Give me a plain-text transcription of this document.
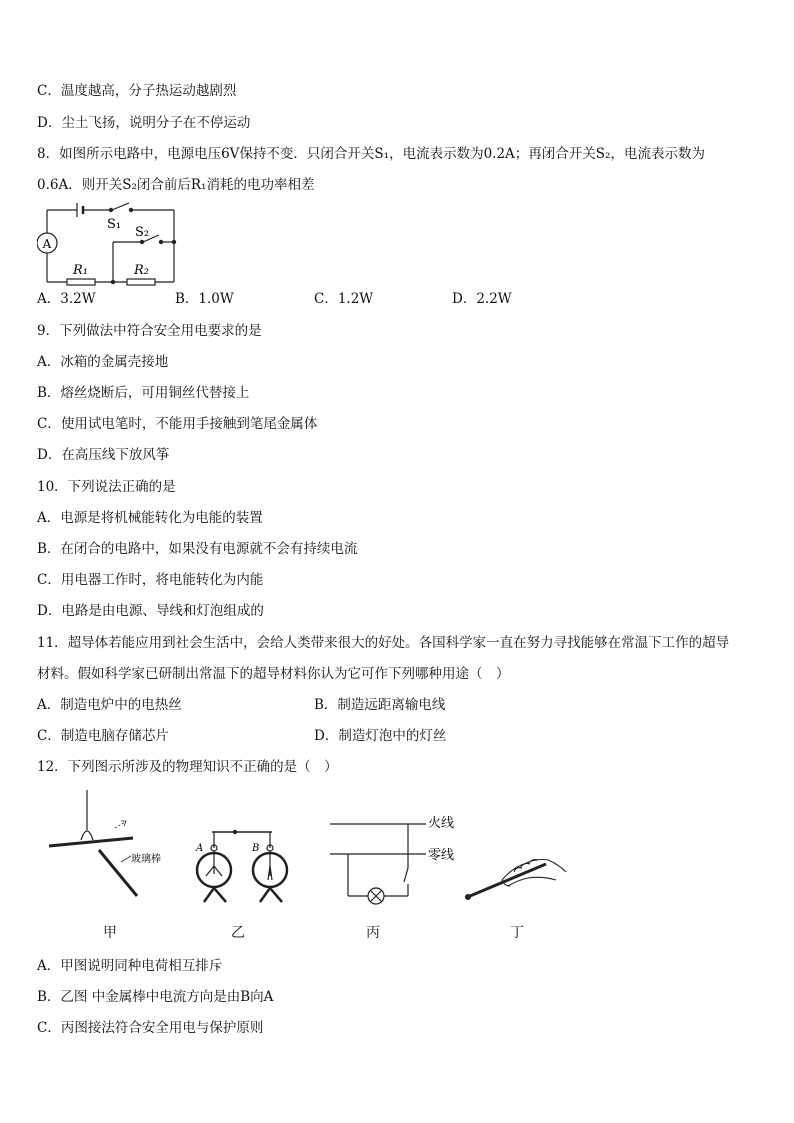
C．温度越高，分子热运动越剧烈
D．尘土飞扬，说明分子在不停运动
8．如图所示电路中，电源电压6V保持不变．只闭合开关S₁，电流表示数为0.2A；再闭合开关S₂，电流表示数为
0.6A．则开关S₂闭合前后R₁消耗的电功率相差
A
S₁
S₂
R₁	R₂
A．3.2W	B．1.0W	C．1.2W	D．2.2W
9．下列做法中符合安全用电要求的是
A．冰箱的金属壳接地
B．熔丝烧断后，可用铜丝代替接上
C．使用试电笔时，不能用手接触到笔尾金属体
D．在高压线下放风筝
10．下列说法正确的是
A．电源是将机械能转化为电能的装置
B．在闭合的电路中，如果没有电源就不会有持续电流
C．用电器工作时，将电能转化为内能
D．电路是由电源、导线和灯泡组成的
11．超导体若能应用到社会生活中，会给人类带来很大的好处。各国科学家一直在努力寻找能够在常温下工作的超导
材料。假如科学家已研制出常温下的超导材料你认为它可作下列哪种用途（　）
A．制造电炉中的电热丝	B．制造远距离输电线
C．制造电脑存储芯片	D．制造灯泡中的灯丝
12．下列图示所涉及的物理知识不正确的是（　）
玻璃棒
A	B
火线
零线
甲	乙	丙	丁
A．甲图说明同种电荷相互排斥
B．乙图 中金属棒中电流方向是由B向A
C．丙图接法符合安全用电与保护原则
